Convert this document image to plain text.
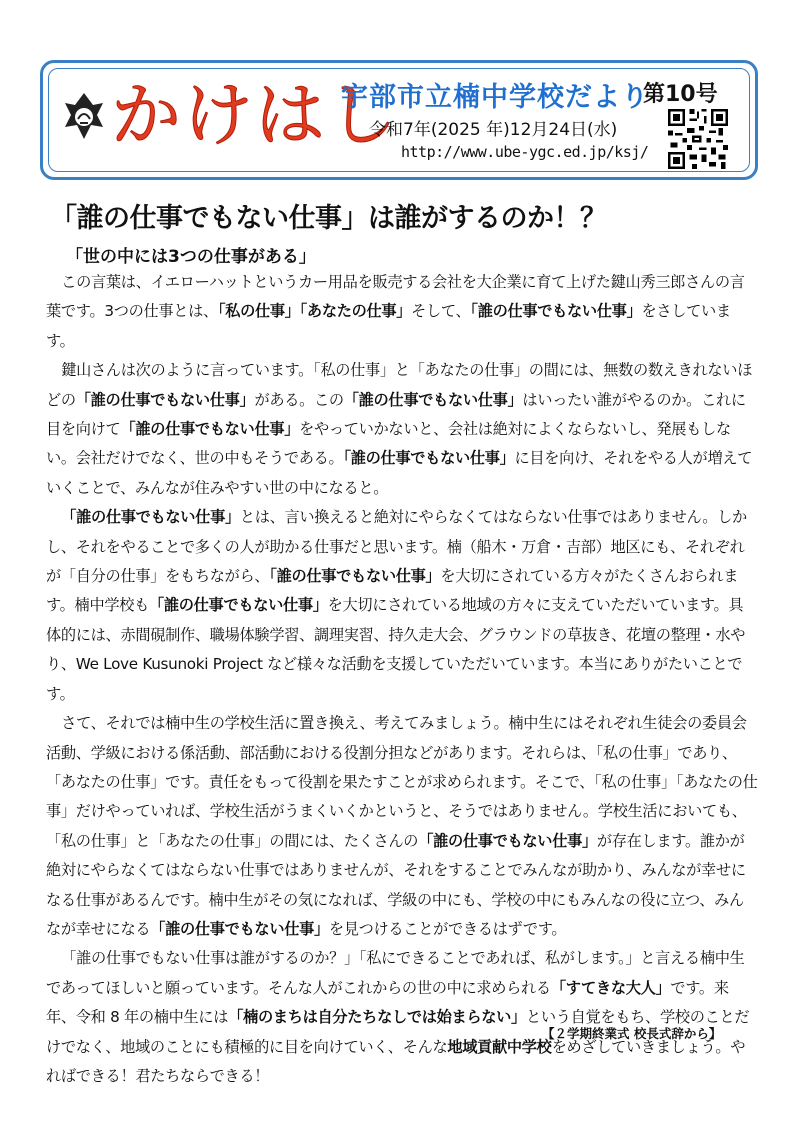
かけはし
宇部市立楠中学校だより
第10号
令和7年(2025 年)12月24日(水)
http://www.ube-ygc.ed.jp/ksj/
「誰の仕事でもない仕事」は誰がするのか！？
「世の中には3つの仕事がある」

この言葉は、イエローハットというカー用品を販売する会社を大企業に育て上げた鍵山秀三郎さんの言葉です。3つの仕事とは、「私の仕事」「あなたの仕事」そして、「誰の仕事でもない仕事」をさしています。

鍵山さんは次のように言っています。「私の仕事」と「あなたの仕事」の間には、無数の数えきれないほどの「誰の仕事でもない仕事」がある。この「誰の仕事でもない仕事」はいったい誰がやるのか。これに目を向けて「誰の仕事でもない仕事」をやっていかないと、会社は絶対によくならないし、発展もしない。会社だけでなく、世の中もそうである。「誰の仕事でもない仕事」に目を向け、それをやる人が増えていくことで、みんなが住みやすい世の中になると。

「誰の仕事でもない仕事」とは、言い換えると絶対にやらなくてはならない仕事ではありません。しかし、それをやることで多くの人が助かる仕事だと思います。楠（船木・万倉・吉部）地区にも、それぞれが「自分の仕事」をもちながら、「誰の仕事でもない仕事」を大切にされている方々がたくさんおられます。楠中学校も「誰の仕事でもない仕事」を大切にされている地域の方々に支えていただいています。具体的には、赤間硯制作、職場体験学習、調理実習、持久走大会、グラウンドの草抜き、花壇の整理・水やり、We Love Kusunoki Project など様々な活動を支援していただいています。本当にありがたいことです。

さて、それでは楠中生の学校生活に置き換え、考えてみましょう。楠中生にはそれぞれ生徒会の委員会活動、学級における係活動、部活動における役割分担などがあります。それらは、「私の仕事」であり、「あなたの仕事」です。責任をもって役割を果たすことが求められます。そこで、「私の仕事」「あなたの仕事」だけやっていれば、学校生活がうまくいくかというと、そうではありません。学校生活においても、「私の仕事」と「あなたの仕事」の間には、たくさんの「誰の仕事でもない仕事」が存在します。誰かが絶対にやらなくてはならない仕事ではありませんが、それをすることでみんなが助かり、みんなが幸せになる仕事があるんです。楠中生がその気になれば、学級の中にも、学校の中にもみんなの役に立つ、みんなが幸せになる「誰の仕事でもない仕事」を見つけることができるはずです。

「誰の仕事でもない仕事は誰がするのか？」「私にできることであれば、私がします。」と言える楠中生であってほしいと願っています。そんな人がこれからの世の中に求められる「すてきな大人」です。来年、令和 8 年の楠中生には「楠のまちは自分たちなしでは始まらない」という自覚をもち、学校のことだけでなく、地域のことにも積極的に目を向けていく、そんな地域貢献中学校をめざしていきましょう。やればできる！君たちならできる！

【２学期終業式 校長式辞から】
